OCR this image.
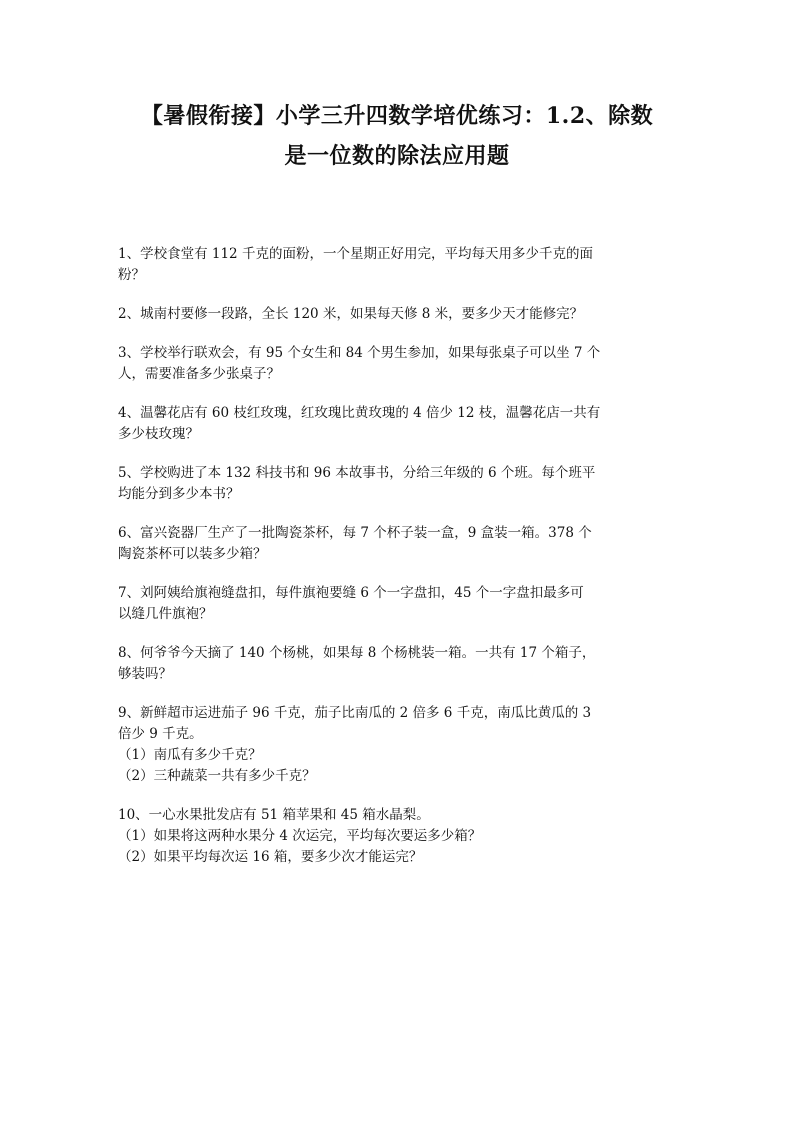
【暑假衔接】小学三升四数学培优练习：1.2、除数
是一位数的除法应用题

1、学校食堂有 112 千克的面粉，一个星期正好用完，平均每天用多少千克的面

粉？

2、城南村要修一段路，全长 120 米，如果每天修 8 米，要多少天才能修完？

3、学校举行联欢会，有 95 个女生和 84 个男生参加，如果每张桌子可以坐 7 个

人，需要准备多少张桌子？

4、温馨花店有 60 枝红玫瑰，红玫瑰比黄玫瑰的 4 倍少 12 枝，温馨花店一共有

多少枝玫瑰？

5、学校购进了本 132 科技书和 96 本故事书，分给三年级的 6 个班。每个班平

均能分到多少本书？

6、富兴瓷器厂生产了一批陶瓷茶杯，每 7 个杯子装一盒，9 盒装一箱。378 个

陶瓷茶杯可以装多少箱？

7、刘阿姨给旗袍缝盘扣，每件旗袍要缝 6 个一字盘扣，45 个一字盘扣最多可

以缝几件旗袍？

8、何爷爷今天摘了 140 个杨桃，如果每 8 个杨桃装一箱。一共有 17 个箱子，

够装吗？

9、新鲜超市运进茄子 96 千克，茄子比南瓜的 2 倍多 6 千克，南瓜比黄瓜的 3

倍少 9 千克。

（1）南瓜有多少千克？

（2）三种蔬菜一共有多少千克？

10、一心水果批发店有 51 箱苹果和 45 箱水晶梨。

（1）如果将这两种水果分 4 次运完，平均每次要运多少箱？

（2）如果平均每次运 16 箱，要多少次才能运完？
